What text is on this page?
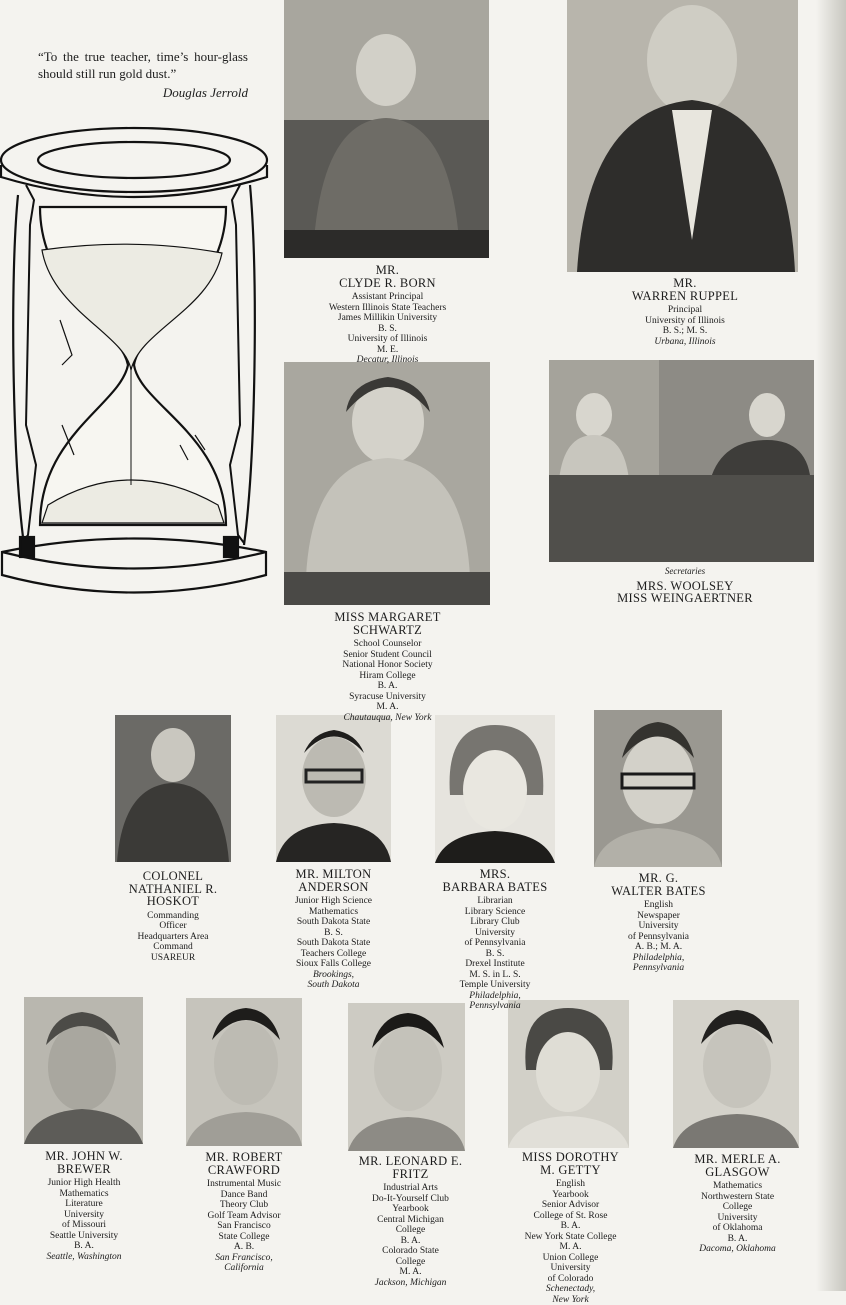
“To the true teacher, time’s hour-glass should still run gold dust.”
Douglas Jerrold
MR.
CLYDE R. BORN
Assistant Principal
Western Illinois State Teachers
James Millikin University
B. S.
University of Illinois
M. E.
Decatur, Illinois
MR.
WARREN RUPPEL
Principal
University of Illinois
B. S.; M. S.
Urbana, Illinois
MISS MARGARET
SCHWARTZ
School Counselor
Senior Student Council
National Honor Society
Hiram College
B. A.
Syracuse University
M. A.
Chautauqua, New York
Secretaries
MRS. WOOLSEY
MISS WEINGAERTNER
COLONEL
NATHANIEL R.
HOSKOT
Commanding
Officer
Headquarters Area
Command
USAREUR
MR. MILTON
ANDERSON
Junior High Science
Mathematics
South Dakota State
B. S.
South Dakota State
Teachers College
Sioux Falls College
Brookings,
South Dakota
MRS.
BARBARA BATES
Librarian
Library Science
Library Club
University
of Pennsylvania
B. S.
Drexel Institute
M. S. in L. S.
Temple University
Philadelphia,
Pennsylvania
MR. G.
WALTER BATES
English
Newspaper
University
of Pennsylvania
A. B.; M. A.
Philadelphia,
Pennsylvania
MR. JOHN W.
BREWER
Junior High Health
Mathematics
Literature
University
of Missouri
Seattle University
B. A.
Seattle, Washington
MR. ROBERT
CRAWFORD
Instrumental Music
Dance Band
Theory Club
Golf Team Advisor
San Francisco
State College
A. B.
San Francisco,
California
MR. LEONARD E.
FRITZ
Industrial Arts
Do-It-Yourself Club
Yearbook
Central Michigan
College
B. A.
Colorado State
College
M. A.
Jackson, Michigan
MISS DOROTHY
M. GETTY
English
Yearbook
Senior Advisor
College of St. Rose
B. A.
New York State College
M. A.
Union College
University
of Colorado
Schenectady,
New York
MR. MERLE A.
GLASGOW
Mathematics
Northwestern State
College
University
of Oklahoma
B. A.
Dacoma, Oklahoma
